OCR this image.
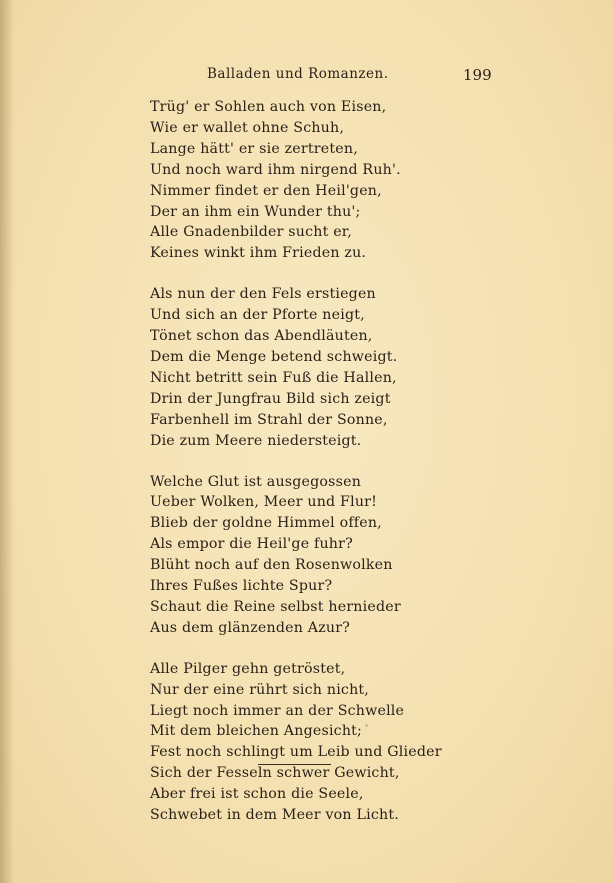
Balladen und Romanzen.	199
Trüg' er Sohlen auch von Eisen,
Wie er wallet ohne Schuh,
Lange hätt' er sie zertreten,
Und noch ward ihm nirgend Ruh'.
Nimmer findet er den Heil'gen,
Der an ihm ein Wunder thu';
Alle Gnadenbilder sucht er,
Keines winkt ihm Frieden zu.
Als nun der den Fels erstiegen
Und sich an der Pforte neigt,
Tönet schon das Abendläuten,
Dem die Menge betend schweigt.
Nicht betritt sein Fuß die Hallen,
Drin der Jungfrau Bild sich zeigt
Farbenhell im Strahl der Sonne,
Die zum Meere niedersteigt.
Welche Glut ist ausgegossen
Ueber Wolken, Meer und Flur!
Blieb der goldne Himmel offen,
Als empor die Heil'ge fuhr?
Blüht noch auf den Rosenwolken
Ihres Fußes lichte Spur?
Schaut die Reine selbst hernieder
Aus dem glänzenden Azur?
Alle Pilger gehn getröstet,
Nur der eine rührt sich nicht,
Liegt noch immer an der Schwelle
Mit dem bleichen Angesicht;
Fest noch schlingt um Leib und Glieder
Sich der Fesseln schwer Gewicht,
Aber frei ist schon die Seele,
Schwebet in dem Meer von Licht.
